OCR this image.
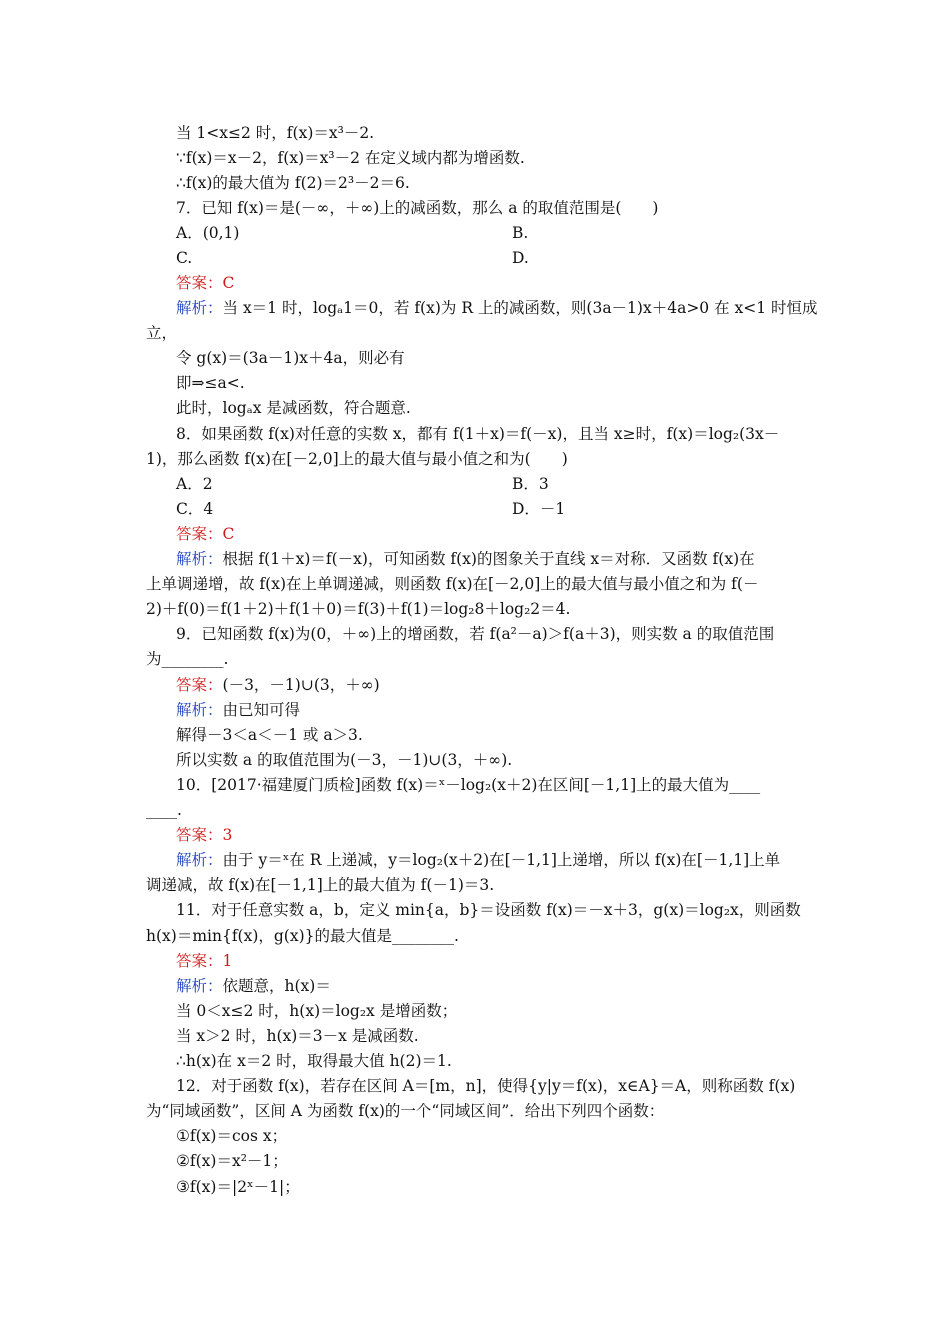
当 1<x≤2 时，f(x)＝x³－2.
∵f(x)＝x－2，f(x)＝x³－2 在定义域内都为增函数.
∴f(x)的最大值为 f(2)＝2³－2＝6.
7．已知 f(x)＝是(－∞，＋∞)上的减函数，那么 a 的取值范围是(　　)
A．(0,1)	B.
C.	D.
答案：C
解析：当 x＝1 时，logₐ1＝0，若 f(x)为 R 上的减函数，则(3a－1)x＋4a>0 在 x<1 时恒成
立，
令 g(x)＝(3a－1)x＋4a，则必有
即⇒≤a<.
此时，logₐx 是减函数，符合题意.
8．如果函数 f(x)对任意的实数 x，都有 f(1＋x)＝f(－x)，且当 x≥时，f(x)＝log₂(3x－
1)，那么函数 f(x)在[－2,0]上的最大值与最小值之和为(　　)
A．2	B．3
C．4	D．－1
答案：C
解析：根据 f(1＋x)＝f(－x)，可知函数 f(x)的图象关于直线 x＝对称．又函数 f(x)在
上单调递增，故 f(x)在上单调递减，则函数 f(x)在[－2,0]上的最大值与最小值之和为 f(－
2)＋f(0)＝f(1＋2)＋f(1＋0)＝f(3)＋f(1)＝log₂8＋log₂2＝4.
9．已知函数 f(x)为(0，＋∞)上的增函数，若 f(a²－a)＞f(a＋3)，则实数 a 的取值范围
为________.
答案：(－3，－1)∪(3，＋∞)
解析：由已知可得
解得－3＜a＜－1 或 a＞3.
所以实数 a 的取值范围为(－3，－1)∪(3，＋∞).
10．[2017·福建厦门质检]函数 f(x)＝ˣ－log₂(x＋2)在区间[－1,1]上的最大值为____
____.
答案：3
解析：由于 y＝ˣ在 R 上递减，y＝log₂(x＋2)在[－1,1]上递增，所以 f(x)在[－1,1]上单
调递减，故 f(x)在[－1,1]上的最大值为 f(－1)＝3.
11．对于任意实数 a，b，定义 min{a，b}＝设函数 f(x)＝－x＋3，g(x)＝log₂x，则函数
h(x)＝min{f(x)，g(x)}的最大值是________.
答案：1
解析：依题意，h(x)＝
当 0＜x≤2 时，h(x)＝log₂x 是增函数；
当 x＞2 时，h(x)＝3－x 是减函数.
∴h(x)在 x＝2 时，取得最大值 h(2)＝1.
12．对于函数 f(x)，若存在区间 A＝[m，n]，使得{y|y＝f(x)，x∈A}＝A，则称函数 f(x)
为“同域函数”，区间 A 为函数 f(x)的一个“同域区间”．给出下列四个函数：
①f(x)＝cos x；
②f(x)＝x²－1；
③f(x)＝|2ˣ－1|；
